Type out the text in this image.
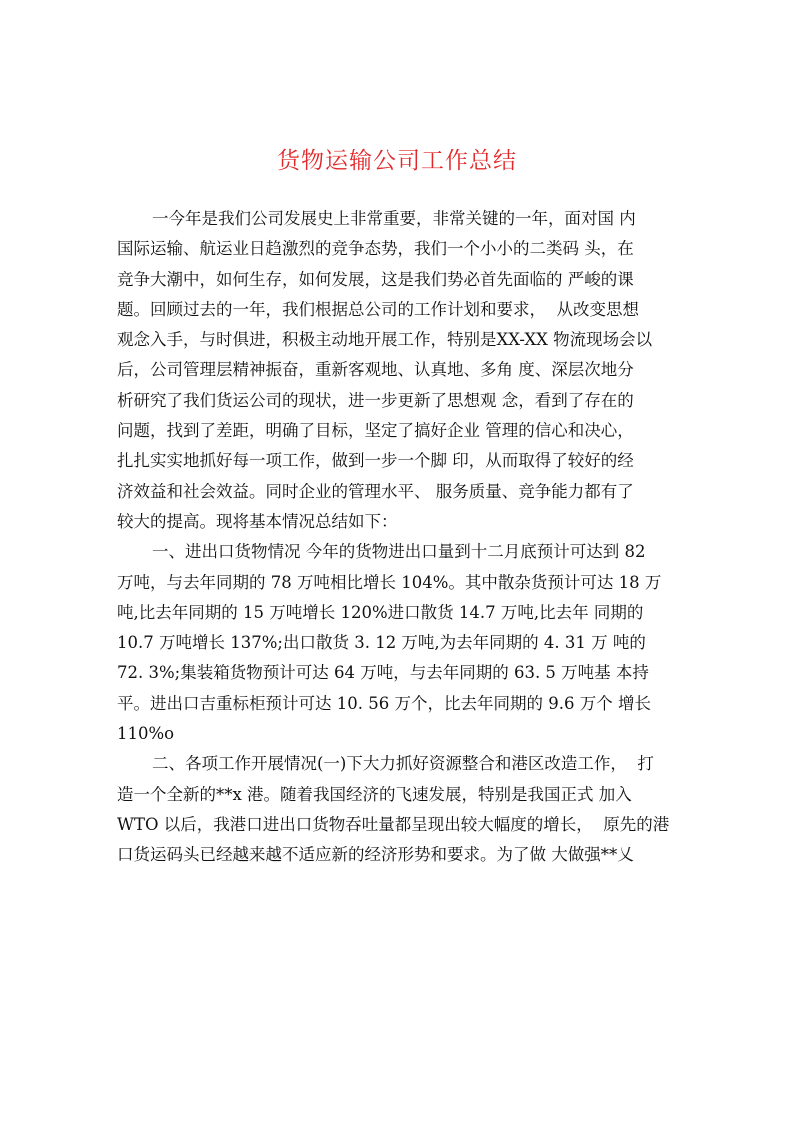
货物运输公司工作总结
一今年是我们公司发展史上非常重要，非常关键的一年，面对国 内
国际运输、航运业日趋激烈的竞争态势，我们一个小小的二类码 头，在
竞争大潮中，如何生存，如何发展，这是我们势必首先面临的 严峻的课
题。回顾过去的一年，我们根据总公司的工作计划和要求，  从改变思想
观念入手，与时俱进，积极主动地开展工作，特别是XX-XX 物流现场会以
后，公司管理层精神振奋，重新客观地、认真地、多角 度、深层次地分
析研究了我们货运公司的现状，进一步更新了思想观 念，看到了存在的
问题，找到了差距，明确了目标，坚定了搞好企业 管理的信心和决心，
扎扎实实地抓好每一项工作，做到一步一个脚 印，从而取得了较好的经
济效益和社会效益。同时企业的管理水平、 服务质量、竞争能力都有了
较大的提高。现将基本情况总结如下：
一、进出口货物情况 今年的货物进出口量到十二月底预计可达到 82
万吨，与去年同期的 78 万吨相比增长 104%。其中散杂货预计可达 18 万
吨,比去年同期的 15 万吨增长 120%进口散货 14.7 万吨,比去年 同期的
10.7 万吨增长 137%;出口散货 3. 12 万吨,为去年同期的 4. 31 万 吨的
72. 3%;集装箱货物预计可达 64 万吨，与去年同期的 63. 5 万吨基 本持
平。进出口吉重标柜预计可达 10. 56 万个，比去年同期的 9.6 万个 增长
110%o
二、各项工作开展情况(一)下大力抓好资源整合和港区改造工作，  打
造一个全新的**x 港。随着我国经济的飞速发展，特别是我国正式 加入
WTO 以后，我港口进出口货物吞吐量都呈现出较大幅度的增长，  原先的港
口货运码头已经越来越不适应新的经济形势和要求。为了做 大做强**乂
